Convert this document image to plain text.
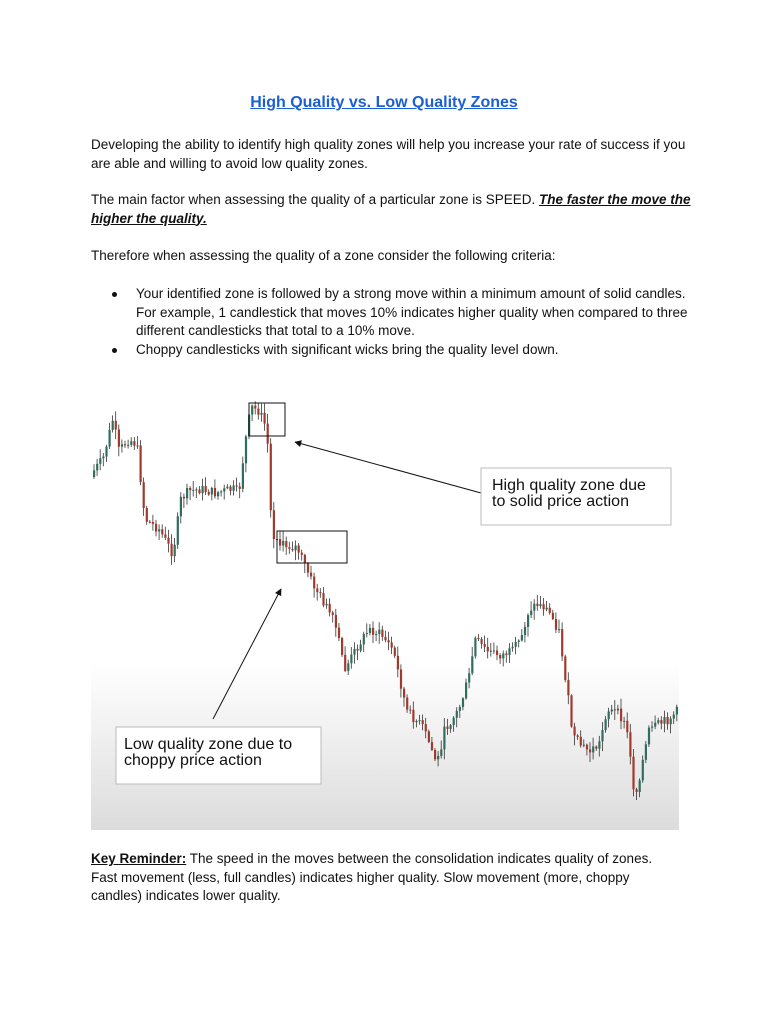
High Quality vs. Low Quality Zones

Developing the ability to identify high quality zones will help you increase your rate of success if you are able and willing to avoid low quality zones.

The main factor when assessing the quality of a particular zone is SPEED. The faster the move the higher the quality.

Therefore when assessing the quality of a zone consider the following criteria:

Your identified zone is followed by a strong move within a minimum amount of solid candles. For example, 1 candlestick that moves 10% indicates higher quality when compared to three different candlesticks that total to a 10% move.
Choppy candlesticks with significant wicks bring the quality level down.
High quality zone due
to solid price action
Low quality zone due to
choppy price action

Key Reminder: The speed in the moves between the consolidation indicates quality of zones. Fast movement (less, full candles) indicates higher quality. Slow movement (more, choppy candles) indicates lower quality.
